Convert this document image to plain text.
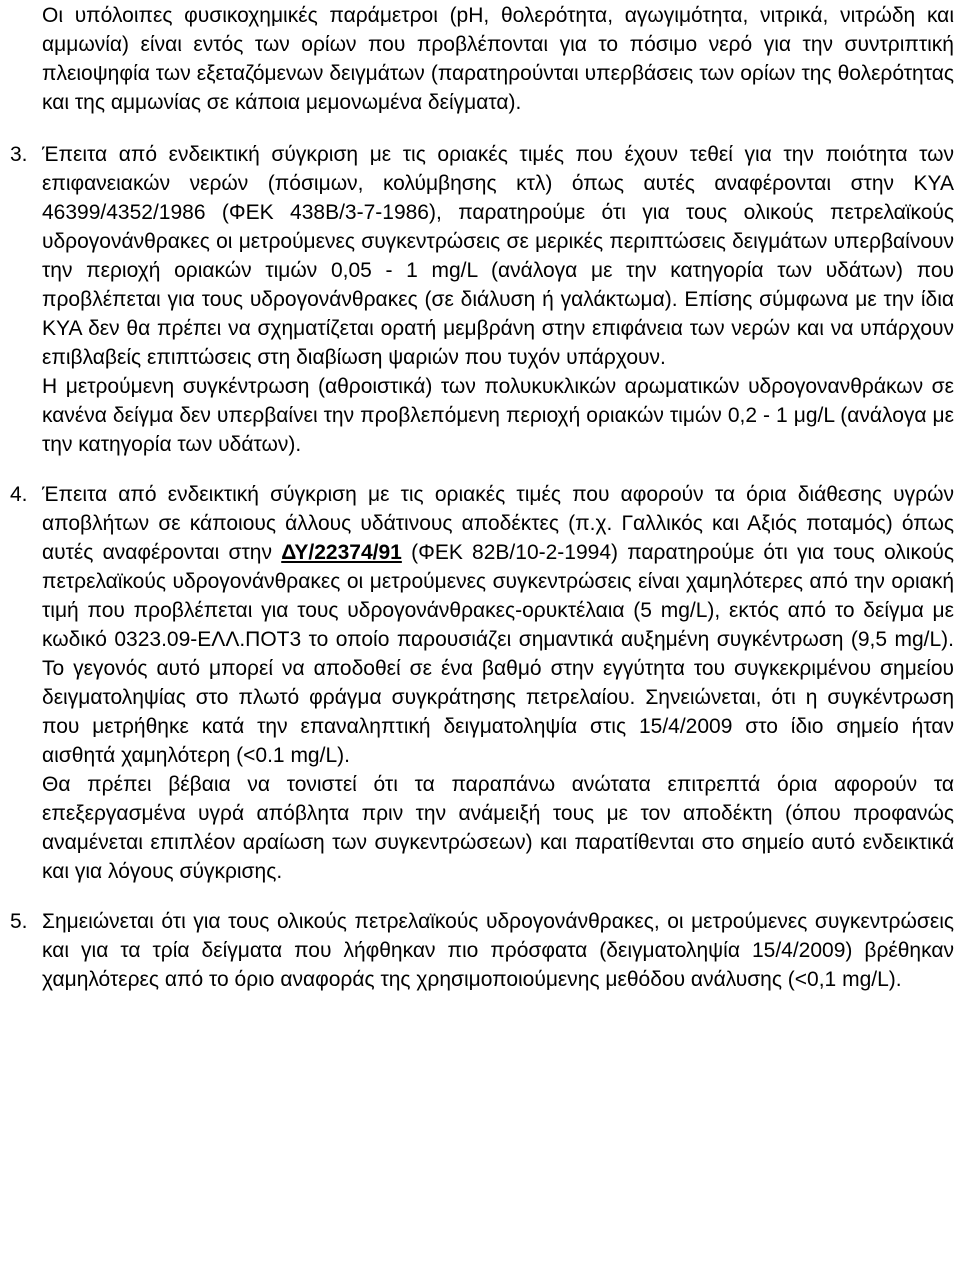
Οι υπόλοιπες φυσικοχημικές παράμετροι (pH, θολερότητα, αγωγιμότητα, νιτρικά, νιτρώδη και αμμωνία) είναι εντός των ορίων που προβλέπονται για το πόσιμο νερό για την συντριπτική πλειοψηφία των εξεταζόμενων δειγμάτων (παρατηρούνται υπερβάσεις των ορίων της θολερότητας και της αμμωνίας σε κάποια μεμονωμένα δείγματα).

3. Έπειτα από ενδεικτική σύγκριση με τις οριακές τιμές που έχουν τεθεί για την ποιότητα των επιφανειακών νερών (πόσιμων, κολύμβησης κτλ) όπως αυτές αναφέρονται στην ΚΥΑ 46399/4352/1986 (ΦΕΚ 438Β/3-7-1986), παρατηρούμε ότι για τους ολικούς πετρελαϊκούς υδρογονάνθρακες οι μετρούμενες συγκεντρώσεις σε μερικές περιπτώσεις δειγμάτων υπερβαίνουν την περιοχή οριακών τιμών 0,05 - 1 mg/L (ανάλογα με την κατηγορία των υδάτων) που προβλέπεται για τους υδρογονάνθρακες (σε διάλυση ή γαλάκτωμα). Επίσης σύμφωνα με την ίδια ΚΥΑ δεν θα πρέπει να σχηματίζεται ορατή μεμβράνη στην επιφάνεια των νερών και να υπάρχουν επιβλαβείς επιπτώσεις στη διαβίωση ψαριών που τυχόν υπάρχουν.

Η μετρούμενη συγκέντρωση (αθροιστικά) των πολυκυκλικών αρωματικών υδρογονανθράκων σε κανένα δείγμα δεν υπερβαίνει την προβλεπόμενη περιοχή οριακών τιμών 0,2 - 1 μg/L (ανάλογα με την κατηγορία των υδάτων).

4. Έπειτα από ενδεικτική σύγκριση με τις οριακές τιμές που αφορούν τα όρια διάθεσης υγρών αποβλήτων σε κάποιους άλλους υδάτινους αποδέκτες (π.χ. Γαλλικός και Αξιός ποταμός) όπως αυτές αναφέρονται στην ΔΥ/22374/91 (ΦΕΚ 82Β/10-2-1994) παρατηρούμε ότι για τους ολικούς πετρελαϊκούς υδρογονάνθρακες οι μετρούμενες συγκεντρώσεις είναι χαμηλότερες από την οριακή τιμή που προβλέπεται για τους υδρογονάνθρακες-ορυκτέλαια (5 mg/L), εκτός από το δείγμα με κωδικό 0323.09-ΕΛΛ.ΠΟΤ3 το οποίο παρουσιάζει σημαντικά αυξημένη συγκέντρωση (9,5 mg/L). Το γεγονός αυτό μπορεί να αποδοθεί σε ένα βαθμό στην εγγύτητα του συγκεκριμένου σημείου δειγματοληψίας στο πλωτό φράγμα συγκράτησης πετρελαίου. Σηνειώνεται, ότι η συγκέντρωση που μετρήθηκε κατά την επαναληπτική δειγματοληψία στις 15/4/2009 στο ίδιο σημείο ήταν αισθητά χαμηλότερη (<0.1 mg/L).

Θα πρέπει βέβαια να τονιστεί ότι τα παραπάνω ανώτατα επιτρεπτά όρια αφορούν τα επεξεργασμένα υγρά απόβλητα πριν την ανάμειξή τους με τον αποδέκτη (όπου προφανώς αναμένεται επιπλέον αραίωση των συγκεντρώσεων) και παρατίθενται στο σημείο αυτό ενδεικτικά και για λόγους σύγκρισης.

5. Σημειώνεται ότι για τους ολικούς πετρελαϊκούς υδρογονάνθρακες, οι μετρούμενες συγκεντρώσεις και για τα τρία δείγματα που λήφθηκαν πιο πρόσφατα (δειγματοληψία 15/4/2009) βρέθηκαν χαμηλότερες από το όριο αναφοράς της χρησιμοποιούμενης μεθόδου ανάλυσης (<0,1 mg/L).
